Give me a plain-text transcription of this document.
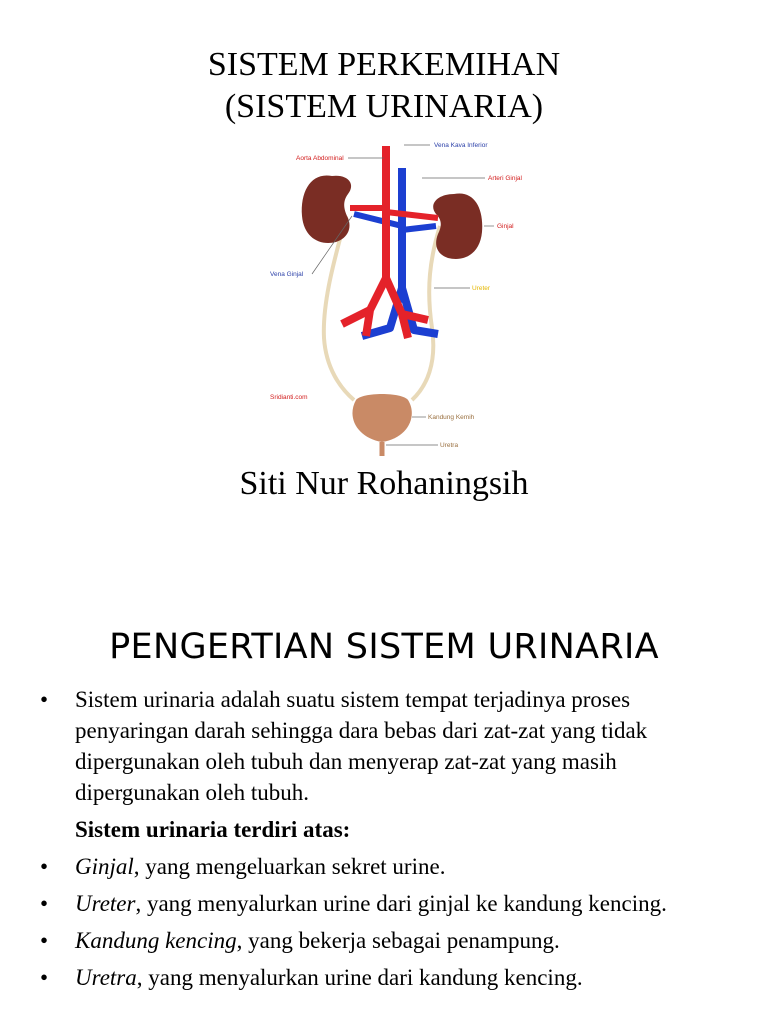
SISTEM PERKEMIHAN
(SISTEM URINARIA)
Aorta Abdominal
Vena Kava Inferior
Arteri Ginjal
Ginjal
Vena Ginjal
Ureter
Sridianti.com
Kandung Kemih
Uretra
Siti Nur Rohaningsih
PENGERTIAN SISTEM URINARIA
• Sistem urinaria adalah suatu sistem tempat terjadinya proses penyaringan darah sehingga dara bebas dari zat-zat yang tidak dipergunakan oleh tubuh dan menyerap zat-zat yang masih dipergunakan oleh tubuh.
Sistem urinaria terdiri atas:
• Ginjal, yang mengeluarkan sekret urine.
• Ureter, yang menyalurkan urine dari ginjal ke kandung kencing.
• Kandung kencing, yang bekerja sebagai penampung.
• Uretra, yang menyalurkan urine dari kandung kencing.
